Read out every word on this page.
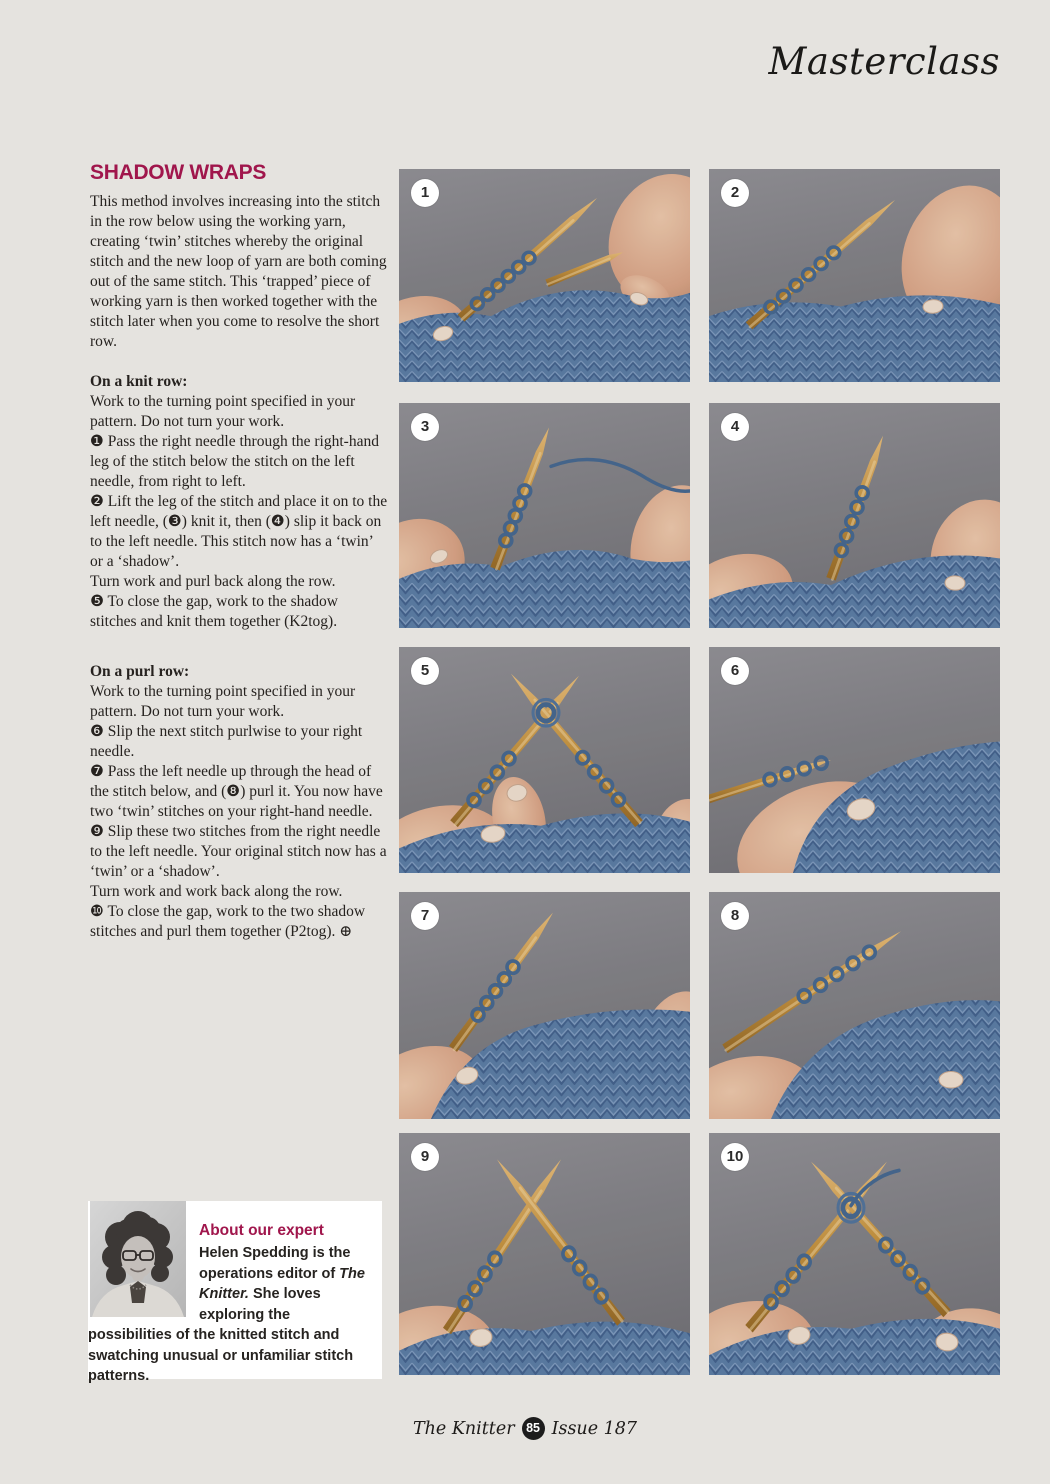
Masterclass
SHADOW WRAPS

This method involves increasing into the stitch in the row below using the working yarn, creating ‘twin’ stitches whereby the original stitch and the new loop of yarn are both coming out of the same stitch. This ‘trapped’ piece of working yarn is then worked together with the stitch later when you come to resolve the short row.

On a knit row:

Work to the turning point specified in your pattern. Do not turn your work.

❶ Pass the right needle through the right-hand leg of the stitch below the stitch on the left needle, from right to left.

❷ Lift the leg of the stitch and place it on to the left needle, (❸) knit it, then (❹) slip it back on to the left needle. This stitch now has a ‘twin’ or a ‘shadow’.

Turn work and purl back along the row.

❺ To close the gap, work to the shadow stitches and knit them together (K2tog).

On a purl row:

Work to the turning point specified in your pattern. Do not turn your work.

❻ Slip the next stitch purlwise to your right needle.

❼ Pass the left needle up through the head of the stitch below, and (❽) purl it. You now have two ‘twin’ stitches on your right-hand needle.

❾ Slip these two stitches from the right needle to the left needle. Your original stitch now has a ‘twin’ or a ‘shadow’.

Turn work and work back along the row.

❿ To close the gap, work to the two shadow stitches and purl them together (P2tog). ⊕

1	2
3	4
5	6
7	8
9	10
About our expert

Helen Spedding is the operations editor of The Knitter. She loves exploring the possibilities of the knitted stitch and swatching unusual or unfamiliar stitch patterns.

The Knitter 85 Issue 187
